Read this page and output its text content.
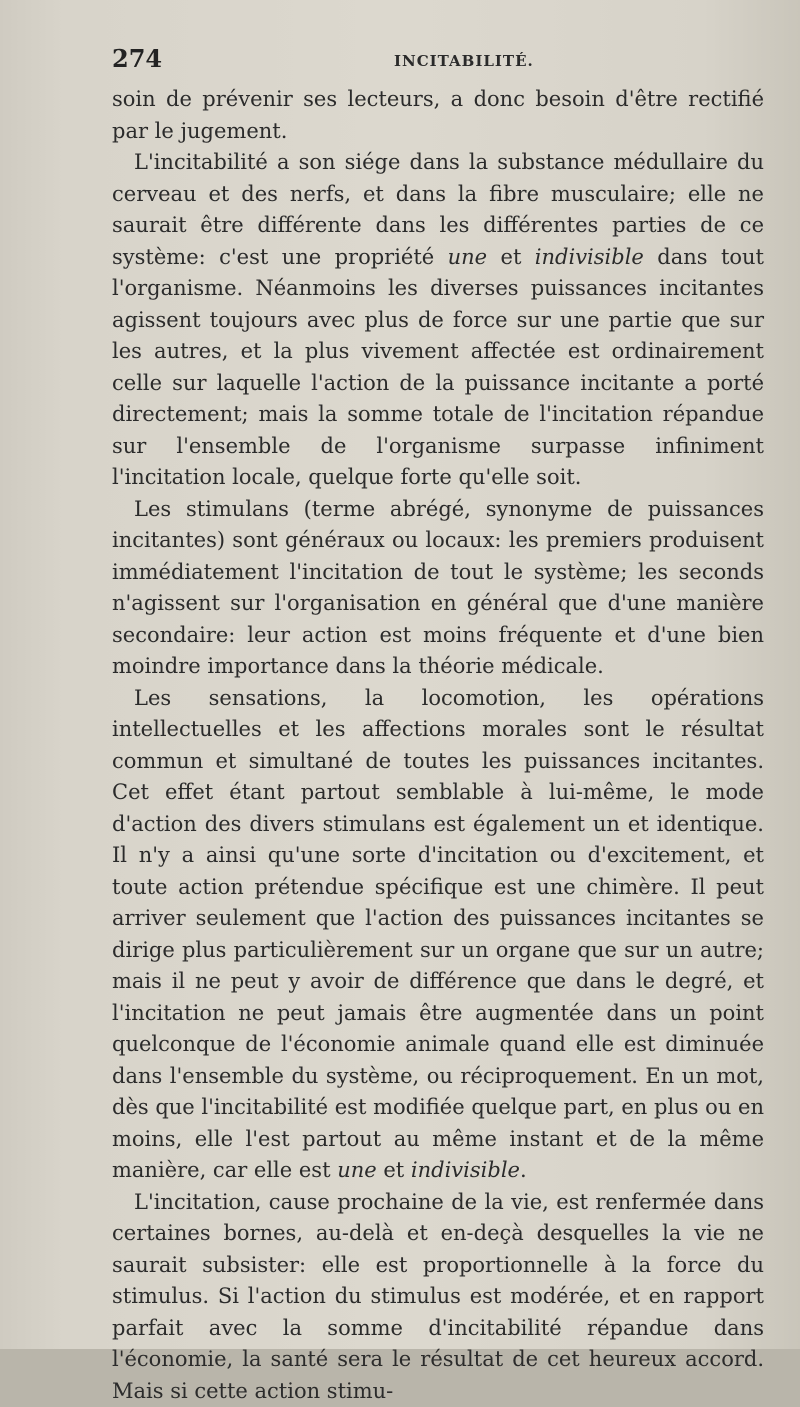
274	INCITABILITÉ.

soin de prévenir ses lecteurs, a donc besoin d'être rectifié par le jugement.

L'incitabilité a son siége dans la substance médullaire du cerveau et des nerfs, et dans la fibre musculaire; elle ne saurait être différente dans les différentes parties de ce système: c'est une propriété une et indivisible dans tout l'organisme. Néanmoins les diverses puissances incitantes agissent toujours avec plus de force sur une partie que sur les autres, et la plus vivement affectée est ordinairement celle sur laquelle l'action de la puissance incitante a porté directement; mais la somme totale de l'incitation répandue sur l'ensemble de l'organisme surpasse infiniment l'incitation locale, quelque forte qu'elle soit.

Les stimulans (terme abrégé, synonyme de puissances incitantes) sont généraux ou locaux: les premiers produisent immédiatement l'incitation de tout le système; les seconds n'agissent sur l'organisation en général que d'une manière secondaire: leur action est moins fréquente et d'une bien moindre importance dans la théorie médicale.

Les sensations, la locomotion, les opérations intellectuelles et les affections morales sont le résultat commun et simultané de toutes les puissances incitantes. Cet effet étant partout semblable à lui-même, le mode d'action des divers stimulans est également un et identique. Il n'y a ainsi qu'une sorte d'incitation ou d'excitement, et toute action prétendue spécifique est une chimère. Il peut arriver seulement que l'action des puissances incitantes se dirige plus particulièrement sur un organe que sur un autre; mais il ne peut y avoir de différence que dans le degré, et l'incitation ne peut jamais être augmentée dans un point quelconque de l'économie animale quand elle est diminuée dans l'ensemble du système, ou réciproquement. En un mot, dès que l'incitabilité est modifiée quelque part, en plus ou en moins, elle l'est partout au même instant et de la même manière, car elle est une et indivisible.

L'incitation, cause prochaine de la vie, est renfermée dans certaines bornes, au-delà et en-deçà desquelles la vie ne saurait subsister: elle est proportionnelle à la force du stimulus. Si l'action du stimulus est modérée, et en rapport parfait avec la somme d'incitabilité répandue dans l'économie, la santé sera le résultat de cet heureux accord. Mais si cette action stimu-
